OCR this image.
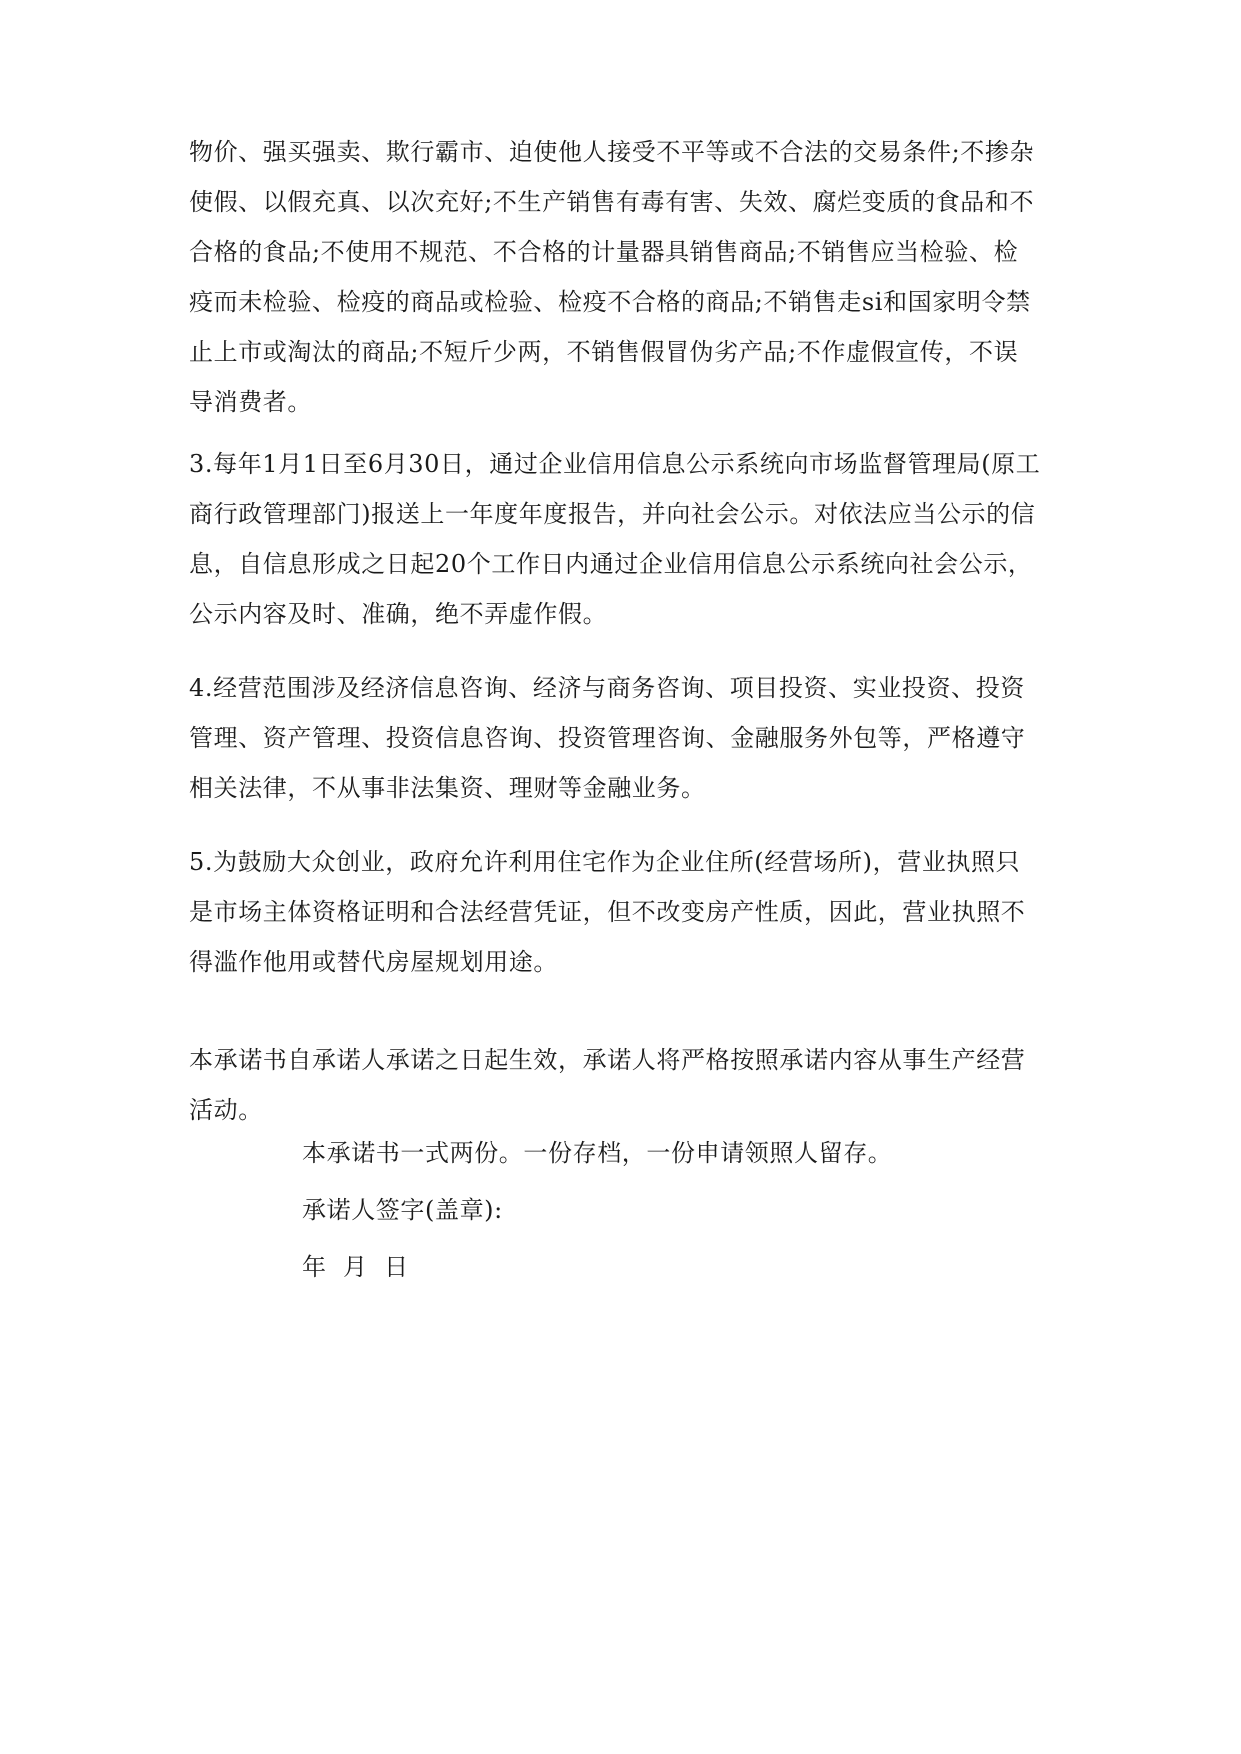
物价、强买强卖、欺行霸市、迫使他人接受不平等或不合法的交易条件;不掺杂
使假、以假充真、以次充好;不生产销售有毒有害、失效、腐烂变质的食品和不
合格的食品;不使用不规范、不合格的计量器具销售商品;不销售应当检验、检
疫而未检验、检疫的商品或检验、检疫不合格的商品;不销售走si和国家明令禁
止上市或淘汰的商品;不短斤少两，不销售假冒伪劣产品;不作虚假宣传，不误
导消费者。

3.每年1月1日至6月30日，通过企业信用信息公示系统向市场监督管理局(原工
商行政管理部门)报送上一年度年度报告，并向社会公示。对依法应当公示的信
息，自信息形成之日起20个工作日内通过企业信用信息公示系统向社会公示，
公示内容及时、准确，绝不弄虚作假。

4.经营范围涉及经济信息咨询、经济与商务咨询、项目投资、实业投资、投资
管理、资产管理、投资信息咨询、投资管理咨询、金融服务外包等，严格遵守
相关法律，不从事非法集资、理财等金融业务。

5.为鼓励大众创业，政府允许利用住宅作为企业住所(经营场所)，营业执照只
是市场主体资格证明和合法经营凭证，但不改变房产性质，因此，营业执照不
得滥作他用或替代房屋规划用途。

本承诺书自承诺人承诺之日起生效，承诺人将严格按照承诺内容从事生产经营
活动。

本承诺书一式两份。一份存档，一份申请领照人留存。

承诺人签字(盖章):

年  月  日
